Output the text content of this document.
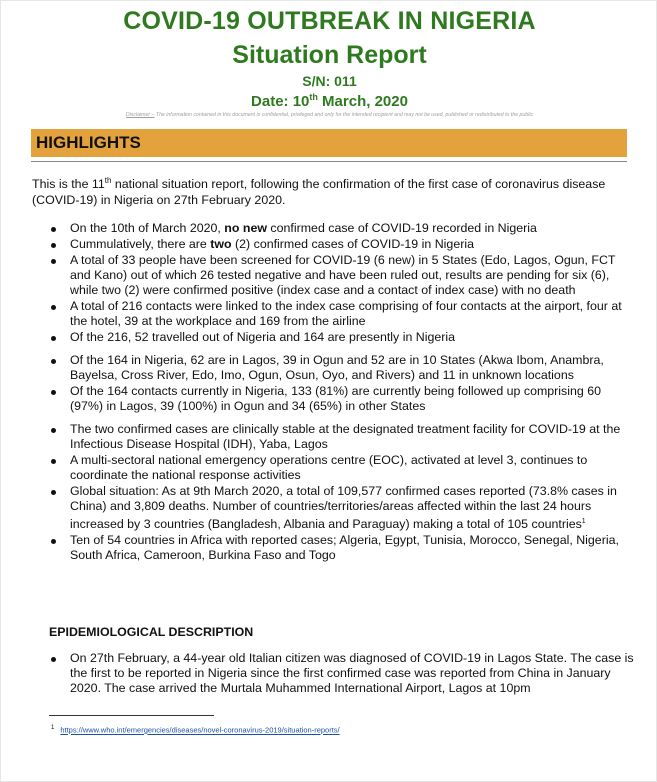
COVID-19 OUTBREAK IN NIGERIA
Situation Report
S/N: 011
Date: 10th March, 2020
Disclaimer – The information contained in this document is confidential, privileged and only for the intended recipient and may not be used, published or redistributed to the public
HIGHLIGHTS
This is the 11th national situation report, following the confirmation of the first case of coronavirus disease (COVID-19) in Nigeria on 27th February 2020.
On the 10th of March 2020, no new confirmed case of COVID-19 recorded in Nigeria
Cummulatively, there are two (2) confirmed cases of COVID-19 in Nigeria
A total of 33 people have been screened for COVID-19 (6 new) in 5 States (Edo, Lagos, Ogun, FCT and Kano) out of which 26 tested negative and have been ruled out, results are pending for six (6), while two (2) were confirmed positive (index case and a contact of index case) with no death
A total of 216 contacts were linked to the index case comprising of four contacts at the airport, four at the hotel, 39 at the workplace and 169 from the airline
Of the 216, 52 travelled out of Nigeria and 164 are presently in Nigeria
Of the 164 in Nigeria, 62 are in Lagos, 39 in Ogun and 52 are in 10 States (Akwa Ibom, Anambra, Bayelsa, Cross River, Edo, Imo, Ogun, Osun, Oyo, and Rivers) and 11 in unknown locations
Of the 164 contacts currently in Nigeria, 133 (81%) are currently being followed up comprising 60 (97%) in Lagos, 39 (100%) in Ogun and 34 (65%) in other States
The two confirmed cases are clinically stable at the designated treatment facility for COVID-19 at the Infectious Disease Hospital (IDH), Yaba, Lagos
A multi-sectoral national emergency operations centre (EOC), activated at level 3, continues to coordinate the national response activities
Global situation: As at 9th March 2020, a total of 109,577 confirmed cases reported (73.8% cases in China) and 3,809 deaths. Number of countries/territories/areas affected within the last 24 hours increased by 3 countries (Bangladesh, Albania and Paraguay) making a total of 105 countries$^1$
Ten of 54 countries in Africa with reported cases; Algeria, Egypt, Tunisia, Morocco, Senegal, Nigeria, South Africa, Cameroon, Burkina Faso and Togo
EPIDEMIOLOGICAL DESCRIPTION
On 27th February, a 44-year old Italian citizen was diagnosed of COVID-19 in Lagos State. The case is the first to be reported in Nigeria since the first confirmed case was reported from China in January 2020. The case arrived the Murtala Muhammed International Airport, Lagos at 10pm
$^1$ https://www.who.int/emergencies/diseases/novel-coronavirus-2019/situation-reports/
